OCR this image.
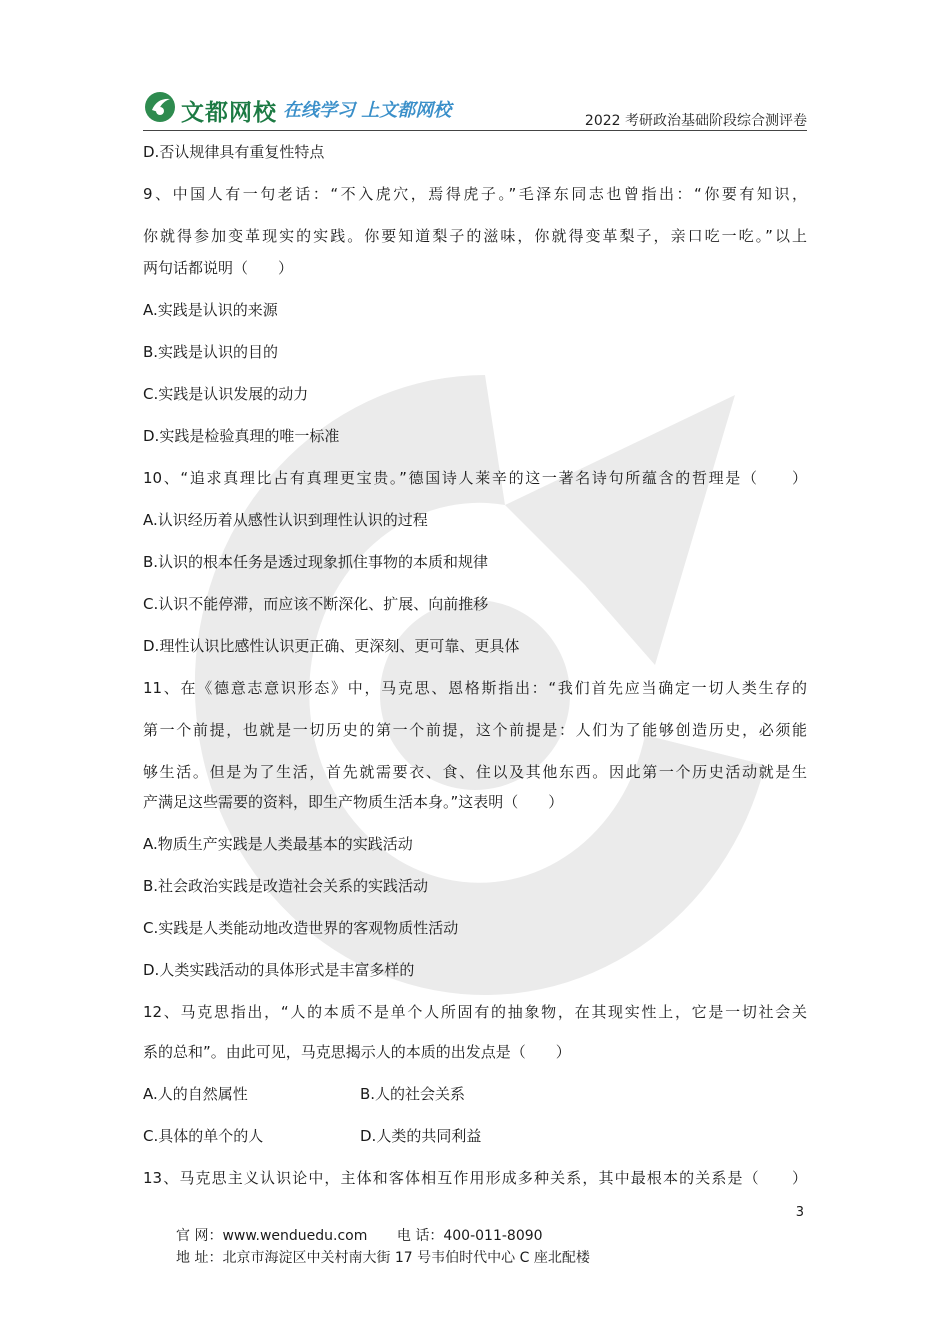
文都网校 在线学习 上文都网校	2022 考研政治基础阶段综合测评卷
D.否认规律具有重复性特点
9、中国人有一句老话：“不入虎穴，焉得虎子。”毛泽东同志也曾指出：“你要有知识，
你就得参加变革现实的实践。你要知道梨子的滋味，你就得变革梨子，亲口吃一吃。”以上
两句话都说明（　　）
A.实践是认识的来源
B.实践是认识的目的
C.实践是认识发展的动力
D.实践是检验真理的唯一标准
10、“追求真理比占有真理更宝贵。”德国诗人莱辛的这一著名诗句所蕴含的哲理是（　　）
A.认识经历着从感性认识到理性认识的过程
B.认识的根本任务是透过现象抓住事物的本质和规律
C.认识不能停滞，而应该不断深化、扩展、向前推移
D.理性认识比感性认识更正确、更深刻、更可靠、更具体
11、在《德意志意识形态》中，马克思、恩格斯指出：“我们首先应当确定一切人类生存的
第一个前提，也就是一切历史的第一个前提，这个前提是：人们为了能够创造历史，必须能
够生活。但是为了生活，首先就需要衣、食、住以及其他东西。因此第一个历史活动就是生
产满足这些需要的资料，即生产物质生活本身。”这表明（　　）
A.物质生产实践是人类最基本的实践活动
B.社会政治实践是改造社会关系的实践活动
C.实践是人类能动地改造世界的客观物质性活动
D.人类实践活动的具体形式是丰富多样的
12、马克思指出，“人的本质不是单个人所固有的抽象物，在其现实性上，它是一切社会关
系的总和”。由此可见，马克思揭示人的本质的出发点是（　　）
A.人的自然属性	B.人的社会关系
C.具体的单个的人	D.人类的共同利益
13、马克思主义认识论中，主体和客体相互作用形成多种关系，其中最根本的关系是（　　）
3
官 网：www.wenduedu.com 电 话：400-011-8090
地 址：北京市海淀区中关村南大街 17 号韦伯时代中心 C 座北配楼
